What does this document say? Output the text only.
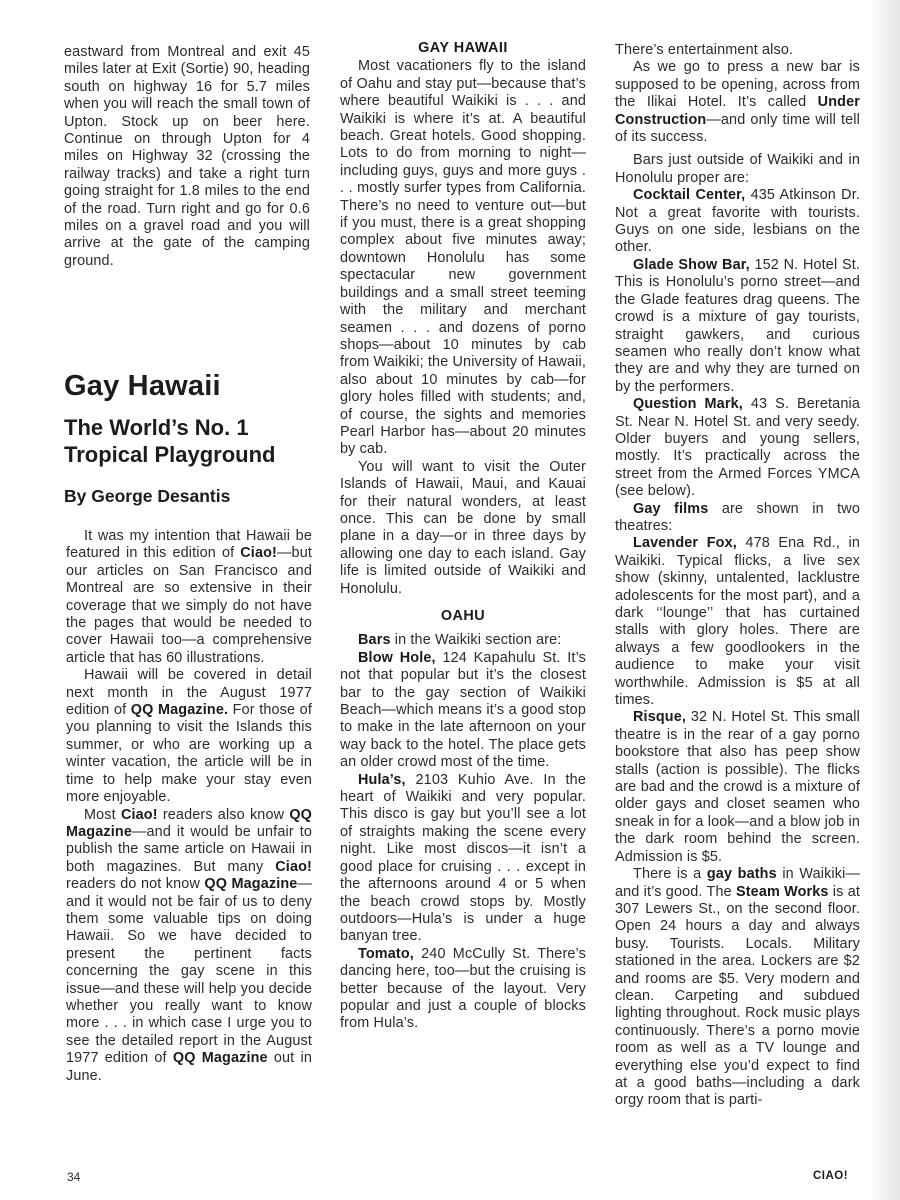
eastward from Montreal and exit 45 miles later at Exit (Sortie) 90, heading south on highway 16 for 5.7 miles when you will reach the small town of Upton. Stock up on beer here. Continue on through Upton for 4 miles on Highway 32 (crossing the railway tracks) and take a right turn going straight for 1.8 miles to the end of the road. Turn right and go for 0.6 miles on a gravel road and you will arrive at the gate of the camping ground.

Gay Hawaii
The World’s No. 1
Tropical Playground
By George Desantis

It was my intention that Hawaii be featured in this edition of Ciao!—but our articles on San Francisco and Montreal are so extensive in their coverage that we simply do not have the pages that would be needed to cover Hawaii too—a comprehensive article that has 60 illustrations.

Hawaii will be covered in detail next month in the August 1977 edition of QQ Magazine. For those of you planning to visit the Islands this summer, or who are working up a winter vacation, the article will be in time to help make your stay even more enjoyable.

Most Ciao! readers also know QQ Magazine—and it would be unfair to publish the same article on Hawaii in both magazines. But many Ciao! readers do not know QQ Magazine—and it would not be fair of us to deny them some valuable tips on doing Hawaii. So we have decided to present the pertinent facts concerning the gay scene in this issue—and these will help you decide whether you really want to know more . . . in which case I urge you to see the detailed report in the August 1977 edition of QQ Magazine out in June.

GAY HAWAII

Most vacationers fly to the island of Oahu and stay put—because that’s where beautiful Waikiki is . . . and Waikiki is where it’s at. A beautiful beach. Great hotels. Good shopping. Lots to do from morning to night—including guys, guys and more guys . . . mostly surfer types from California. There’s no need to venture out—but if you must, there is a great shopping complex about five minutes away; downtown Honolulu has some spectacular new government buildings and a small street teeming with the military and merchant seamen . . . and dozens of porno shops—about 10 minutes by cab from Waikiki; the University of Hawaii, also about 10 minutes by cab—for glory holes filled with students; and, of course, the sights and memories Pearl Harbor has—about 20 minutes by cab.

You will want to visit the Outer Islands of Hawaii, Maui, and Kauai for their natural wonders, at least once. This can be done by small plane in a day—or in three days by allowing one day to each island. Gay life is limited outside of Waikiki and Honolulu.

OAHU

Bars in the Waikiki section are:

Blow Hole, 124 Kapahulu St. It’s not that popular but it’s the closest bar to the gay section of Waikiki Beach—which means it’s a good stop to make in the late afternoon on your way back to the hotel. The place gets an older crowd most of the time.

Hula’s, 2103 Kuhio Ave. In the heart of Waikiki and very popular. This disco is gay but you’ll see a lot of straights making the scene every night. Like most discos—it isn’t a good place for cruising . . . except in the afternoons around 4 or 5 when the beach crowd stops by. Mostly outdoors—Hula’s is under a huge banyan tree.

Tomato, 240 McCully St. There’s dancing here, too—but the cruising is better because of the layout. Very popular and just a couple of blocks from Hula’s.

There’s entertainment also.

As we go to press a new bar is supposed to be opening, across from the Ilikai Hotel. It’s called Under Construction—and only time will tell of its success.

Bars just outside of Waikiki and in Honolulu proper are:

Cocktail Center, 435 Atkinson Dr. Not a great favorite with tourists. Guys on one side, lesbians on the other.

Glade Show Bar, 152 N. Hotel St. This is Honolulu’s porno street—and the Glade features drag queens. The crowd is a mixture of gay tourists, straight gawkers, and curious seamen who really don’t know what they are and why they are turned on by the performers.

Question Mark, 43 S. Beretania St. Near N. Hotel St. and very seedy. Older buyers and young sellers, mostly. It’s practically across the street from the Armed Forces YMCA (see below).

Gay films are shown in two theatres:

Lavender Fox, 478 Ena Rd., in Waikiki. Typical flicks, a live sex show (skinny, untalented, lacklustre adolescents for the most part), and a dark ‘‘lounge’’ that has curtained stalls with glory holes. There are always a few goodlookers in the audience to make your visit worthwhile. Admission is $5 at all times.

Risque, 32 N. Hotel St. This small theatre is in the rear of a gay porno bookstore that also has peep show stalls (action is possible). The flicks are bad and the crowd is a mixture of older gays and closet seamen who sneak in for a look—and a blow job in the dark room behind the screen. Admission is $5.

There is a gay baths in Waikiki—and it’s good. The Steam Works is at 307 Lewers St., on the second floor. Open 24 hours a day and always busy. Tourists. Locals. Military stationed in the area. Lockers are $2 and rooms are $5. Very modern and clean. Carpeting and subdued lighting throughout. Rock music plays continuously. There’s a porno movie room as well as a TV lounge and everything else you’d expect to find at a good baths—including a dark orgy room that is parti-

34	CIAO!
